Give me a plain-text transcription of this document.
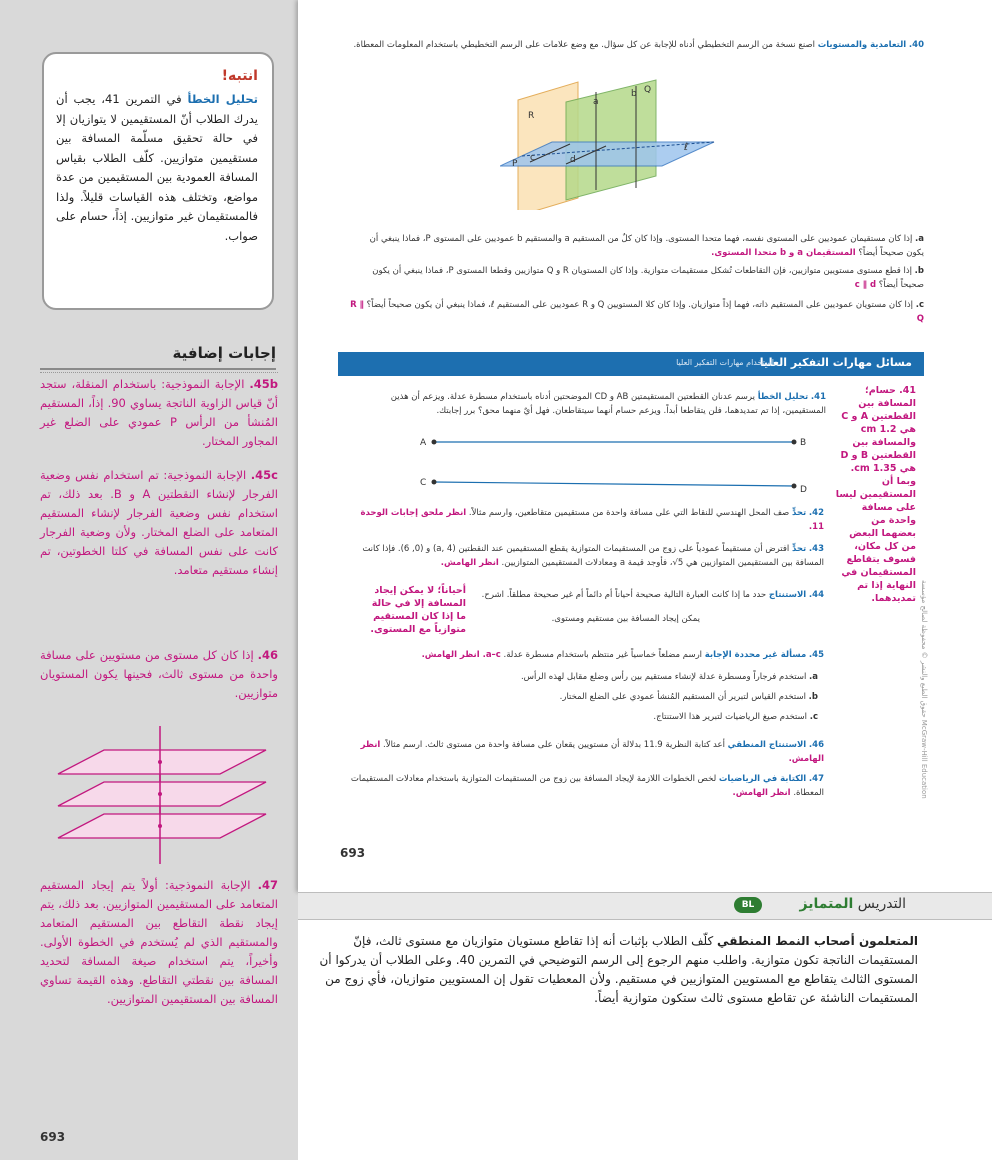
انتبه!
تحليل الخطأ في التمرين 41، يجب أن يدرك الطلاب أنّ المستقيمين لا يتوازيان إلا في حالة تحقيق مسلّمة المسافة بين مستقيمين متوازيين. كلّف الطلاب بقياس المسافة العمودية بين المستقيمين من عدة مواضع، وتختلف هذه القياسات قليلاً. ولذا فالمستقيمان غير متوازيين. إذاً، حسام على صواب.
إجابات إضافية
45b. الإجابة النموذجية: باستخدام المنقلة، ستجد أنّ قياس الزاوية الناتجة يساوي 90. إذاً، المستقيم المُنشأ من الرأس P عمودي على الضلع غير المجاور المختار.
45c. الإجابة النموذجية: تم استخدام نفس وضعية الفرجار لإنشاء النقطتين A و B. بعد ذلك، تم استخدام نفس وضعية الفرجار لإنشاء المستقيم المتعامد على الضلع المختار. ولأن وضعية الفرجار كانت على نفس المسافة في كلتا الخطوتين، تم إنشاء مستقيم متعامد.
46. إذا كان كل مستوى من مستويين على مسافة واحدة من مستوى ثالث، فحينها يكون المستويان متوازيين.
47. الإجابة النموذجية: أولاً يتم إيجاد المستقيم المتعامد على المستقيمين المتوازيين. بعد ذلك، يتم إيجاد نقطة التقاطع بين المستقيم المتعامد والمستقيم الذي لم يُستخدم في الخطوة الأولى. وأخيراً، يتم استخدام صيغة المسافة لتحديد المسافة بين نقطتي التقاطع. وهذه القيمة تساوي المسافة بين المستقيمين المتوازيين.
693
40. التعامدية والمستويات اصنع نسخة من الرسم التخطيطي أدناه للإجابة عن كل سؤال. مع وضع علامات على الرسم التخطيطي باستخدام المعلومات المعطاة.
R
a
b Q
P
c	d
ℓ
a. إذا كان مستقيمان عموديين على المستوى نفسه، فهما متحدا المستوى. وإذا كان كلٌ من المستقيم a والمستقيم b عموديين على المستوى P، فماذا ينبغي أن يكون صحيحاً أيضاً؟ المستقيمان a و b متحدا المستوى.
b. إذا قطع مستوى مستويين متوازيين، فإن التقاطعات تُشكل مستقيمات متوازية. وإذا كان المستويان R و Q متوازيين وقطعا المستوى P، فماذا ينبغي أن يكون صحيحاً أيضاً؟ c ∥ d
c. إذا كان مستويان عموديين على المستقيم ذاته، فهما إذاً متوازيان. وإذا كان كلا المستويين Q و R عموديين على المستقيم ℓ، فماذا ينبغي أن يكون صحيحاً أيضاً؟ R ∥ Q
مسائل مهارات التفكير العليا
استخدام مهارات التفكير العليا
41. تحليل الخطأ يرسم عدنان القطعتين المستقيمتين AB و CD الموضحتين أدناه باستخدام مسطرة عدلة. ويزعم أن هذين المستقيمين، إذا تم تمديدهما، فلن يتقاطعا أبداً. ويزعم حسام أنهما سيتقاطعان. فهل أيٌ منهما محق؟ برر إجابتك.
41. حسام؛ المسافة بين القطعتين A و C هي 1.2 cm والمسافة بين القطعتين B و D هي 1.35 cm. وبما أن المستقيمين ليسا على مسافة واحدة من بعضهما البعض من كل مكان، فسوف يتقاطع المستقيمان في النهاية إذا تم تمديدهما.
A	B
C
D
42. تحدٍّ صف المحل الهندسي للنقاط التي على مسافة واحدة من مستقيمين متقاطعين، وارسم مثالاً. انظر ملحق إجابات الوحدة 11.
43. تحدٍّ افترض أن مستقيماً عمودياً على زوج من المستقيمات المتوازية يقطع المستقيمين عند النقطتين (a, 4) و (0, 6). فإذا كانت المسافة بين المستقيمين المتوازيين هي 5√، فأوجد قيمة a ومعادلات المستقيمين المتوازيين. انظر الهامش.
44. الاستنتاج حدد ما إذا كانت العبارة التالية صحيحة أحياناً أم دائماً أم غير صحيحة مطلقاً. اشرح.
يمكن إيجاد المسافة بين مستقيم ومستوى.
أحياناً؛ لا يمكن إيجاد المسافة إلا في حالة ما إذا كان المستقيم متوازياً مع المستوى.
45. مسألة غير محددة الإجابة ارسم مضلعاً خماسياً غير منتظم باستخدام مسطرة عدلة. a–c. انظر الهامش.
a. استخدم فرجاراً ومسطرة عدلة لإنشاء مستقيم بين رأس وضلع مقابل لهذه الرأس.
b. استخدم القياس لتبرير أن المستقيم المُنشأ عمودي على الضلع المختار.
c. استخدم صيغ الرياضيات لتبرير هذا الاستنتاج.
46. الاستنتاج المنطقي أعد كتابة النظرية 11.9 بدلالة أن مستويين يقعان على مسافة واحدة من مستوى ثالث. ارسم مثالاً. انظر الهامش.
47. الكتابة في الرياضيات لخص الخطوات اللازمة لإيجاد المسافة بين زوج من المستقيمات المتوازية باستخدام معادلات المستقيمات المعطاة. انظر الهامش.
693
حقوق الطبع والنشر © محفوظة لصالح مؤسسة McGraw-Hill Education
BL	التدريس المتمايز
المتعلمون أصحاب النمط المنطقي كلّف الطلاب بإثبات أنه إذا تقاطع مستويان متوازيان مع مستوى ثالث، فإنّ المستقيمات الناتجة تكون متوازية. واطلب منهم الرجوع إلى الرسم التوضيحي في التمرين 40. وعلى الطلاب أن يدركوا أن المستوى الثالث يتقاطع مع المستويين المتوازيين في مستقيم. ولأن المعطيات تقول إن المستويين متوازيان، فأي زوج من المستقيمات الناشئة عن تقاطع مستوى ثالث ستكون متوازية أيضاً.
